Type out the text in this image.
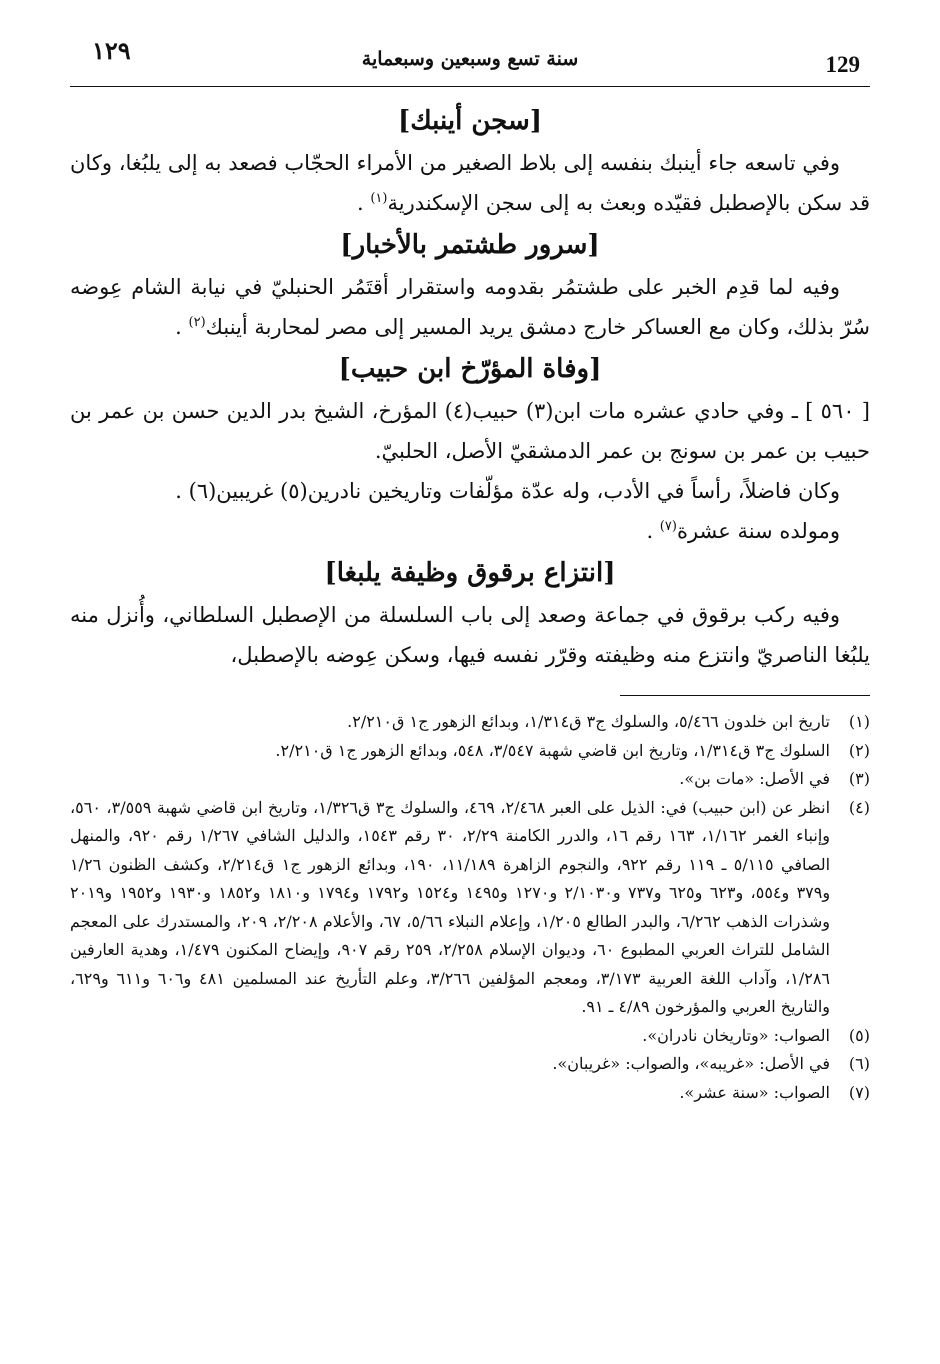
١٢٩	سنة تسع وسبعين وسبعماية	129
[سجن أينبك]

وفي تاسعه جاء أينبك بنفسه إلى بلاط الصغير من الأمراء الحجّاب فصعد به إلى يلبُغا، وكان قد سكن بالإصطبل فقيّده وبعث به إلى سجن الإسكندرية$^{(١)}$ .

[سرور طشتمر بالأخبار]

وفيه لما قدِم الخبر على طشتمُر بقدومه واستقرار أقتَمُر الحنبليّ في نيابة الشام عِوضه سُرّ بذلك، وكان مع العساكر خارج دمشق يريد المسير إلى مصر لمحاربة أينبك$^{(٢)}$ .

[وفاة المؤرّخ ابن حبيب]

[ ٥٦٠ ] ـ وفي حادي عشره مات ابن(٣) حبيب(٤) المؤرخ، الشيخ بدر الدين حسن بن عمر بن حبيب بن عمر بن سونج بن عمر الدمشقيّ الأصل، الحلبيّ.

وكان فاضلاً، رأساً في الأدب، وله عدّة مؤلّفات وتاريخين نادرين(٥) غريبين(٦) .

ومولده سنة عشرة$^{(٧)}$ .

[انتزاع برقوق وظيفة يلبغا]

وفيه ركب برقوق في جماعة وصعد إلى باب السلسلة من الإصطبل السلطاني، وأُنزل منه يلبُغا الناصريّ وانتزع منه وظيفته وقرّر نفسه فيها، وسكن عِوضه بالإصطبل،

(١)
تاريخ ابن خلدون ٥/٤٦٦، والسلوك ج٣ ق١/٣١٤، وبدائع الزهور ج١ ق٢/٢١٠.
(٢)
السلوك ج٣ ق١/٣١٤، وتاريخ ابن قاضي شهبة ٣/٥٤٧، ٥٤٨، وبدائع الزهور ج١ ق٢/٢١٠.
(٣)
في الأصل: «مات بن».
(٤)
انظر عن (ابن حبيب) في: الذيل على العبر ٢/٤٦٨، ٤٦٩، والسلوك ج٣ ق١/٣٢٦، وتاريخ ابن قاضي شهبة ٣/٥٥٩، ٥٦٠، وإنباء الغمر ١/١٦٢، ١٦٣ رقم ١٦، والدرر الكامنة ٢/٢٩، ٣٠ رقم ١٥٤٣، والدليل الشافي ١/٢٦٧ رقم ٩٢٠، والمنهل الصافي ٥/١١٥ ـ ١١٩ رقم ٩٢٢، والنجوم الزاهرة ١١/١٨٩، ١٩٠، وبدائع الزهور ج١ ق٢/٢١٤، وكشف الظنون ١/٢٦ و٣٧٩ و٥٥٤، و٦٢٣ و٦٢٥ و٧٣٧ و٢/١٠٣٠ و١٢٧٠ و١٤٩٥ و١٥٢٤ و١٧٩٢ و١٧٩٤ و١٨١٠ و١٨٥٢ و١٩٣٠ و١٩٥٢ و٢٠١٩ وشذرات الذهب ٦/٢٦٢، والبدر الطالع ١/٢٠٥، وإعلام النبلاء ٥/٦٦، ٦٧، والأعلام ٢/٢٠٨، ٢٠٩، والمستدرك على المعجم الشامل للتراث العربي المطبوع ٦٠، وديوان الإسلام ٢/٢٥٨، ٢٥٩ رقم ٩٠٧، وإيضاح المكنون ١/٤٧٩، وهدية العارفين ١/٢٨٦، وآداب اللغة العربية ٣/١٧٣، ومعجم المؤلفين ٣/٢٦٦، وعلم التأريخ عند المسلمين ٤٨١ و٦٠٦ و٦١١ و٦٢٩، والتاريخ العربي والمؤرخون ٤/٨٩ ـ ٩١.
(٥)
الصواب: «وتاريخان نادران».
(٦)
في الأصل: «غريبه»، والصواب: «غريبان».
(٧)
الصواب: «سنة عشر».
